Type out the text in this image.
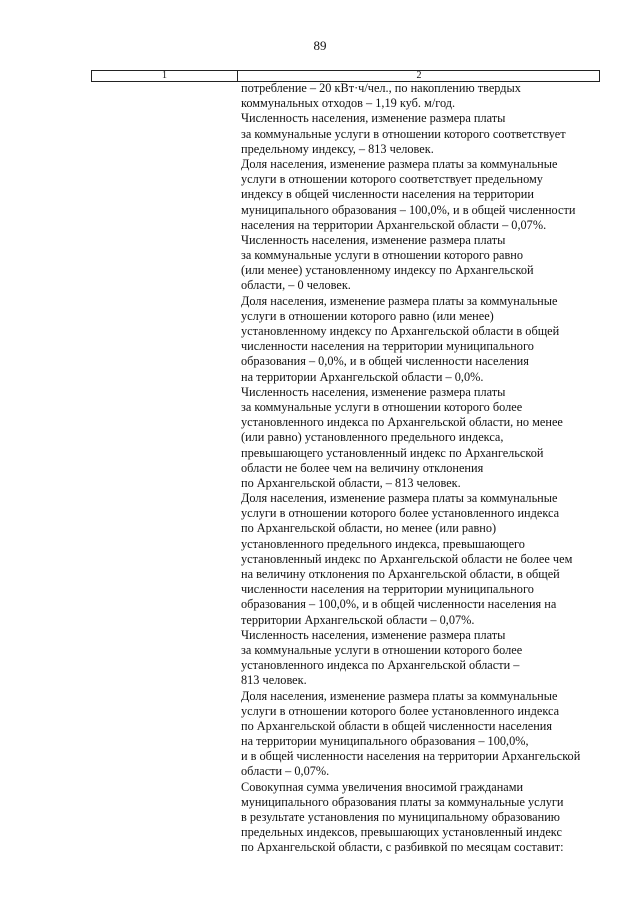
89
1	2
потребление – 20 кВт·ч/чел., по накоплению твердых
коммунальных отходов – 1,19 куб. м/год.
Численность населения, изменение размера платы
за коммунальные услуги в отношении которого соответствует
предельному индексу, – 813 человек.
Доля населения, изменение размера платы за коммунальные
услуги в отношении которого соответствует предельному
индексу в общей численности населения на территории
муниципального образования – 100,0%, и в общей численности
населения на территории Архангельской области – 0,07%.
Численность населения, изменение размера платы
за коммунальные услуги в отношении которого равно
(или менее) установленному индексу по Архангельской
области, – 0 человек.
Доля населения, изменение размера платы за коммунальные
услуги в отношении которого равно (или менее)
установленному индексу по Архангельской области в общей
численности населения на территории муниципального
образования – 0,0%, и в общей численности населения
на территории Архангельской области – 0,0%.
Численность населения, изменение размера платы
за коммунальные услуги в отношении которого более
установленного индекса по Архангельской области, но менее
(или равно) установленного предельного индекса,
превышающего установленный индекс по Архангельской
области не более чем на величину отклонения
по Архангельской области, – 813 человек.
Доля населения, изменение размера платы за коммунальные
услуги в отношении которого более установленного индекса
по Архангельской области, но менее (или равно)
установленного предельного индекса, превышающего
установленный индекс по Архангельской области не более чем
на величину отклонения по Архангельской области, в общей
численности населения на территории муниципального
образования – 100,0%, и в общей численности населения на
территории Архангельской области – 0,07%.
Численность населения, изменение размера платы
за коммунальные услуги в отношении которого более
установленного индекса по Архангельской области –
813 человек.
Доля населения, изменение размера платы за коммунальные
услуги в отношении которого более установленного индекса
по Архангельской области в общей численности населения
на территории муниципального образования – 100,0%,
и в общей численности населения на территории Архангельской
области – 0,07%.
Совокупная сумма увеличения вносимой гражданами
муниципального образования платы за коммунальные услуги
в результате установления по муниципальному образованию
предельных индексов, превышающих установленный индекс
по Архангельской области, с разбивкой по месяцам составит:
